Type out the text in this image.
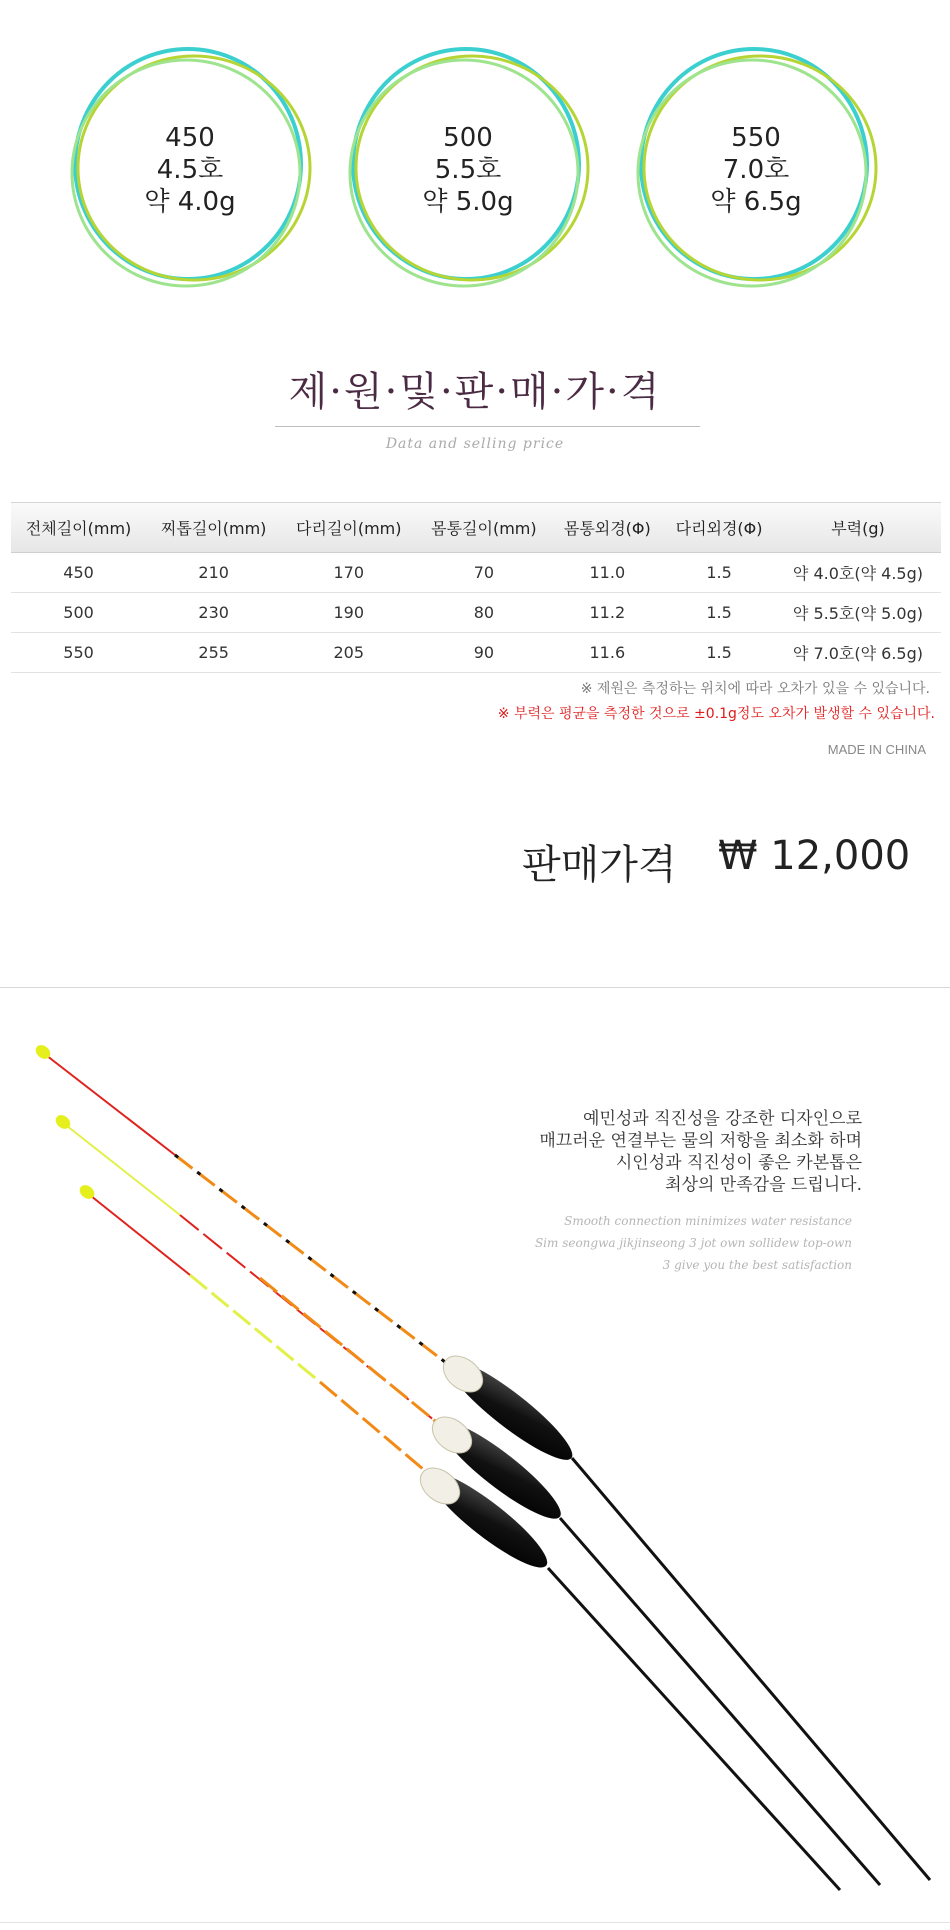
450
4.5호
약 4.0g
500
5.5호
약 5.0g
550
7.0호
약 6.5g
제·원·및·판·매·가·격
Data and selling price
전체길이(mm)	찌톱길이(mm)	다리길이(mm)	몸통길이(mm)	몸통외경(Φ)	다리외경(Φ)	부력(g)
450	210	170	70	11.0	1.5	약 4.0호(약 4.5g)
500	230	190	80	11.2	1.5	약 5.5호(약 5.0g)
550	255	205	90	11.6	1.5	약 7.0호(약 6.5g)
※ 제원은 측정하는 위치에 따라 오차가 있을 수 있습니다.
※ 부력은 평균을 측정한 것으로 ±0.1g정도 오차가 발생할 수 있습니다.
MADE IN CHINA
판매가격 ₩ 12,000
예민성과 직진성을 강조한 디자인으로
매끄러운 연결부는 물의 저항을 최소화 하며
시인성과 직진성이 좋은 카본톱은
최상의 만족감을 드립니다.
Smooth connection minimizes water resistance
Sim seongwa jikjinseong 3 jot own sollidew top-own
3 give you the best satisfaction
